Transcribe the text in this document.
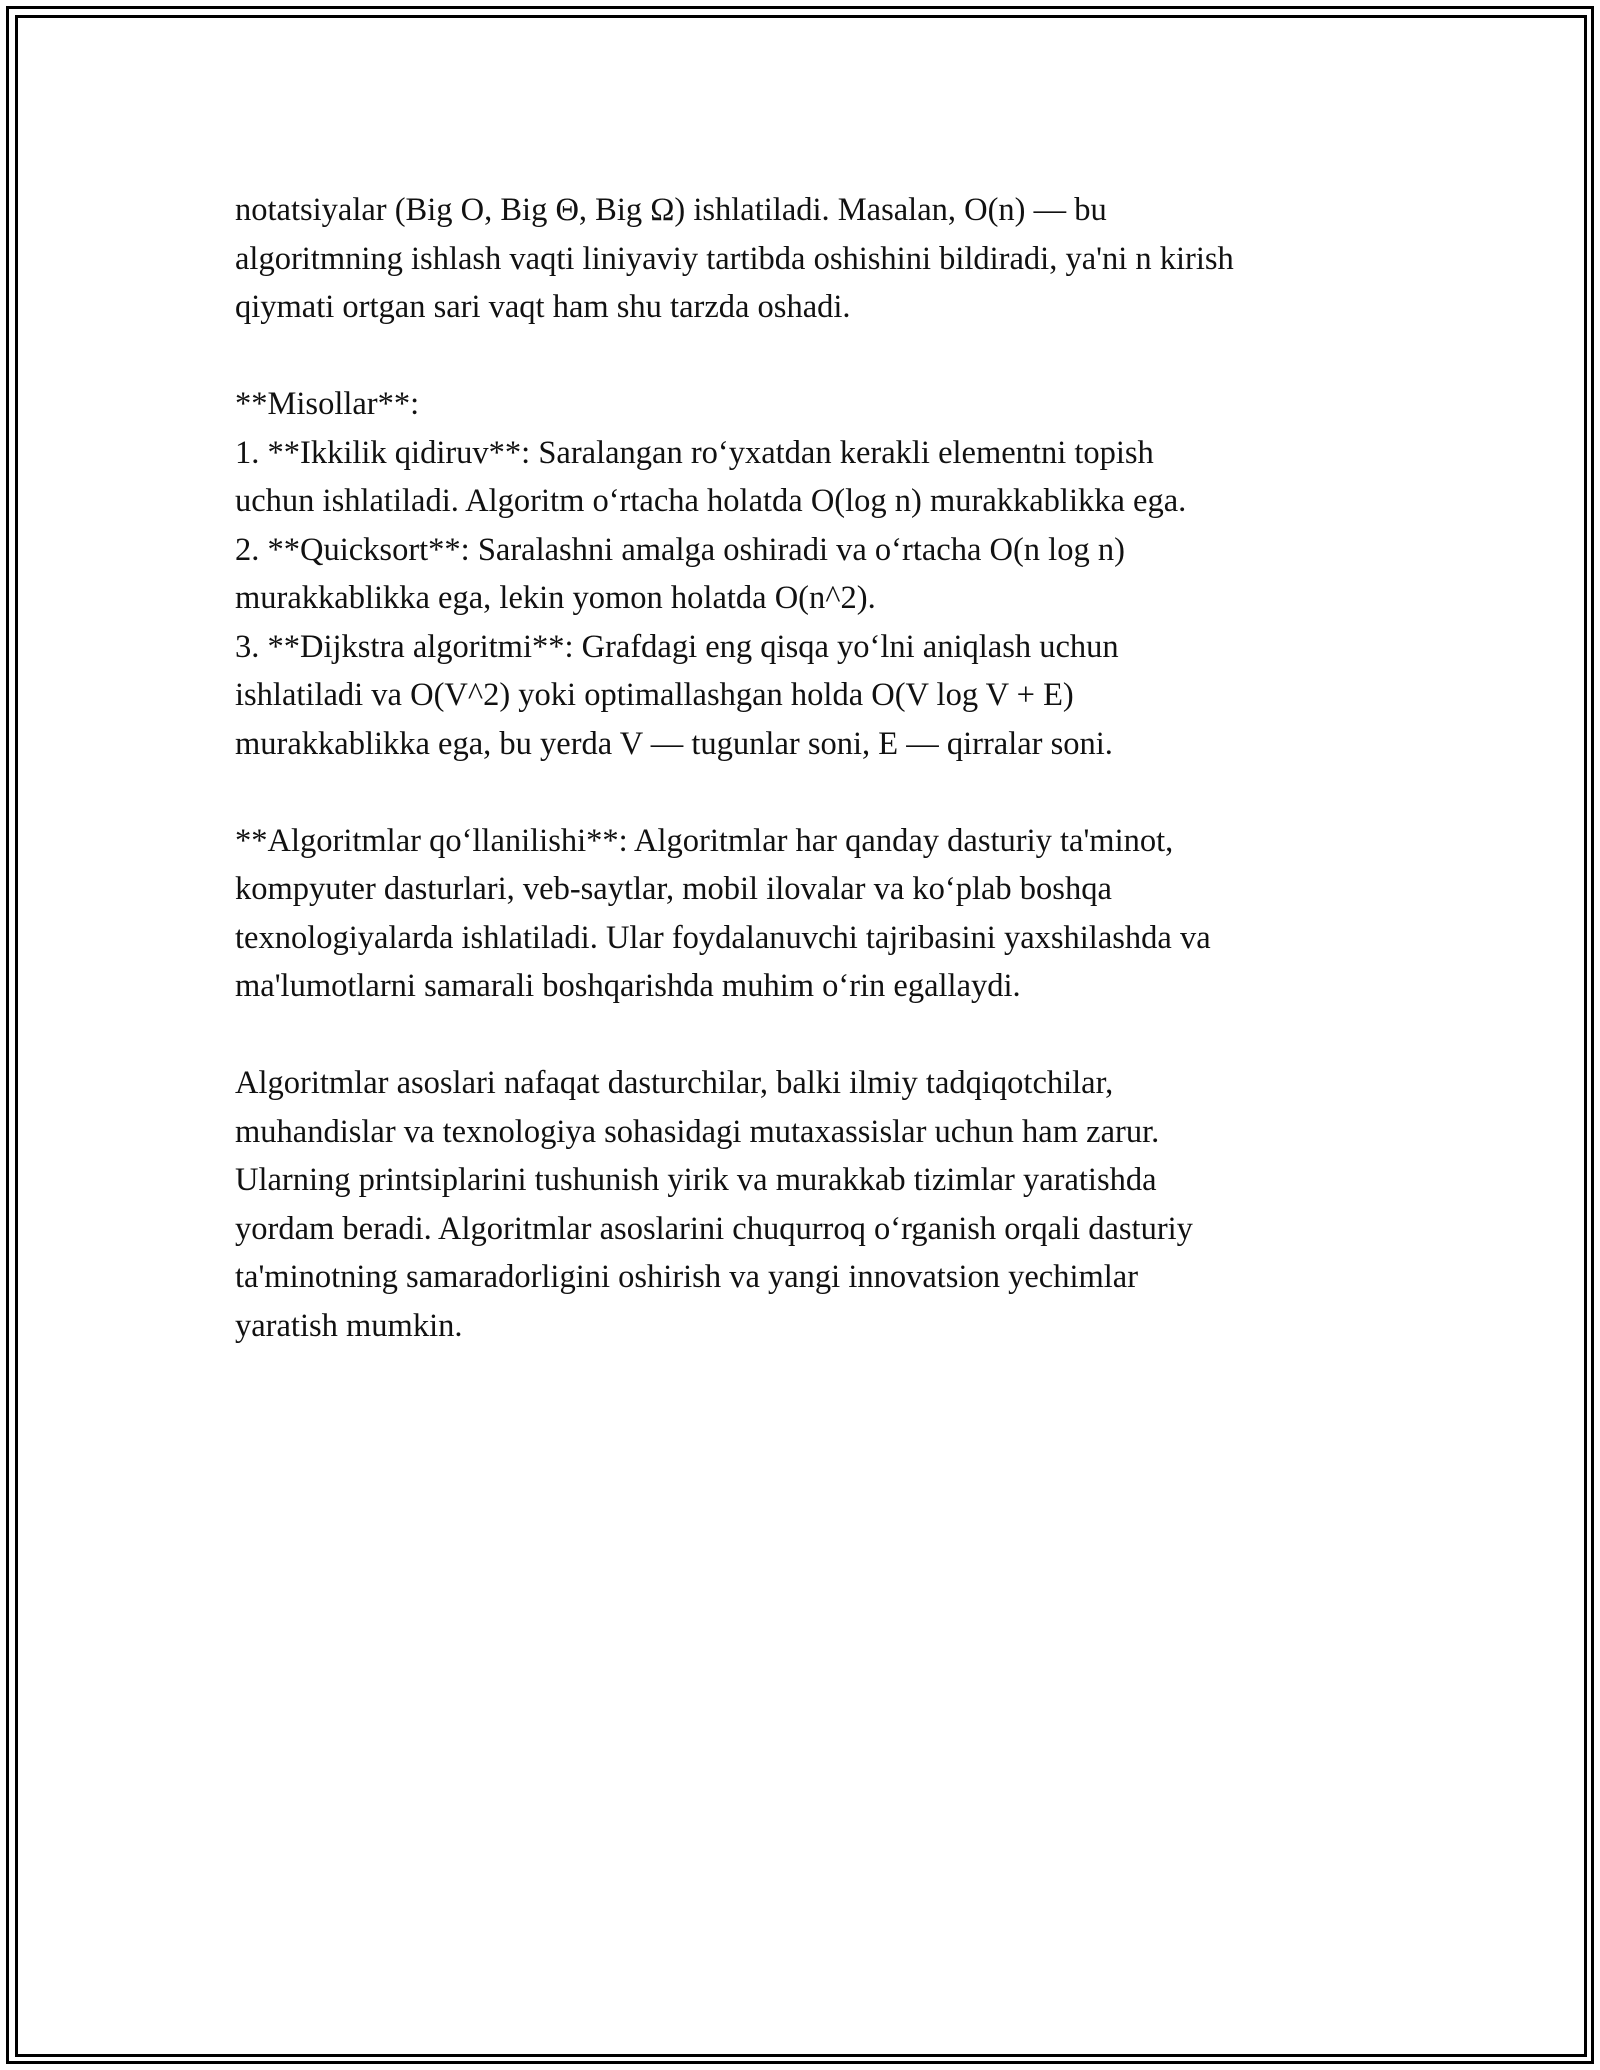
notatsiyalar (Big O, Big Θ, Big Ω) ishlatiladi. Masalan, O(n) — bu
algoritmning ishlash vaqti liniyaviy tartibda oshishini bildiradi, ya'ni n kirish
qiymati ortgan sari vaqt ham shu tarzda oshadi.

**Misollar**:
1. **Ikkilik qidiruv**: Saralangan ro‘yxatdan kerakli elementni topish
uchun ishlatiladi. Algoritm o‘rtacha holatda O(log n) murakkablikka ega.
2. **Quicksort**: Saralashni amalga oshiradi va o‘rtacha O(n log n)
murakkablikka ega, lekin yomon holatda O(n^2).
3. **Dijkstra algoritmi**: Grafdagi eng qisqa yo‘lni aniqlash uchun
ishlatiladi va O(V^2) yoki optimallashgan holda O(V log V + E)
murakkablikka ega, bu yerda V — tugunlar soni, E — qirralar soni.

**Algoritmlar qo‘llanilishi**: Algoritmlar har qanday dasturiy ta'minot,
kompyuter dasturlari, veb-saytlar, mobil ilovalar va ko‘plab boshqa
texnologiyalarda ishlatiladi. Ular foydalanuvchi tajribasini yaxshilashda va
ma'lumotlarni samarali boshqarishda muhim o‘rin egallaydi.

Algoritmlar asoslari nafaqat dasturchilar, balki ilmiy tadqiqotchilar,
muhandislar va texnologiya sohasidagi mutaxassislar uchun ham zarur.
Ularning printsiplarini tushunish yirik va murakkab tizimlar yaratishda
yordam beradi. Algoritmlar asoslarini chuqurroq o‘rganish orqali dasturiy
ta'minotning samaradorligini oshirish va yangi innovatsion yechimlar
yaratish mumkin.
